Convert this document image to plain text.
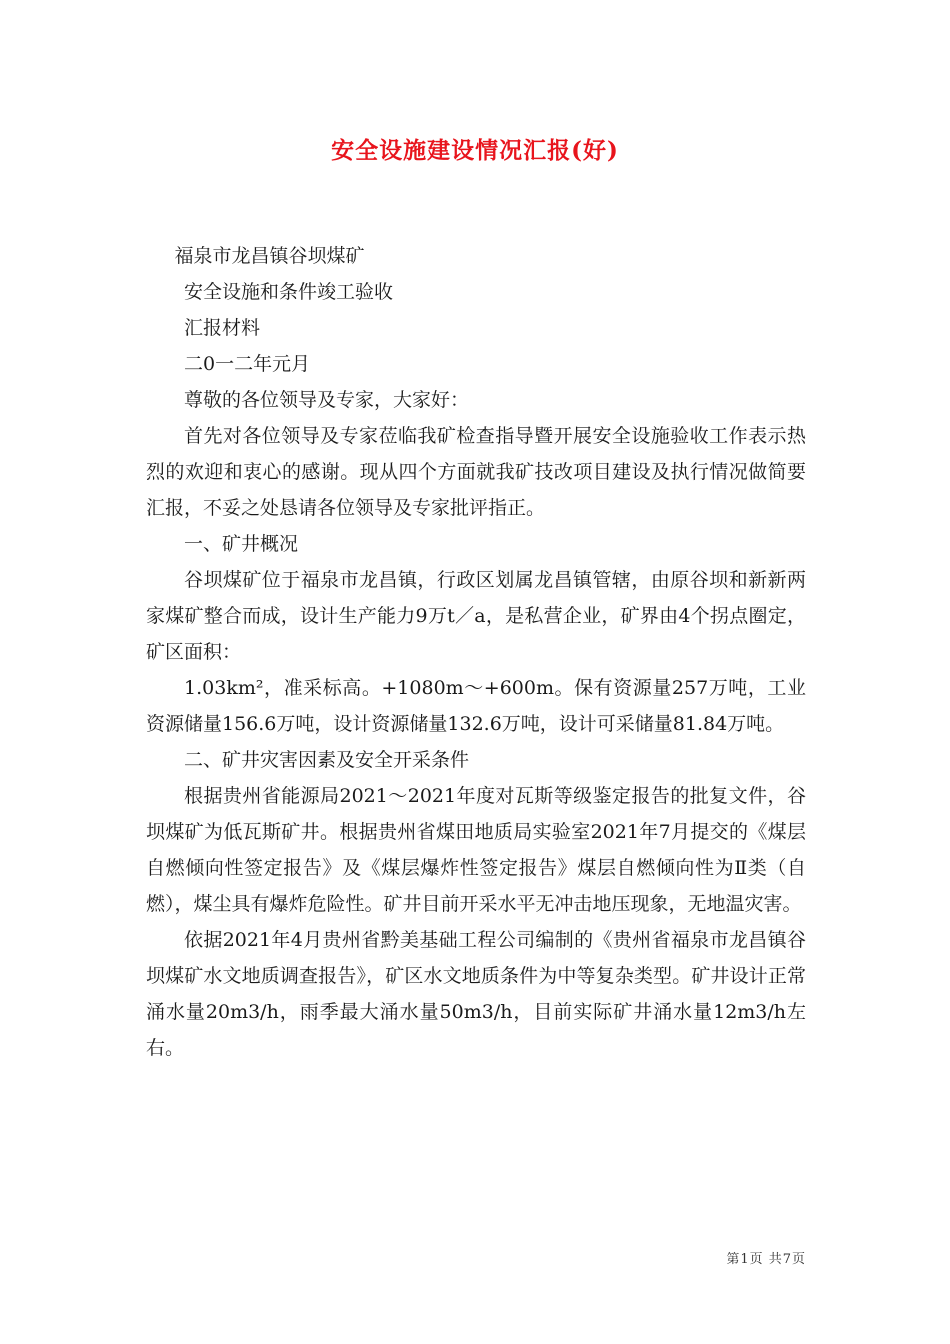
安全设施建设情况汇报(好)

福泉市龙昌镇谷坝煤矿

安全设施和条件竣工验收

汇报材料

二0一二年元月

尊敬的各位领导及专家，大家好：

首先对各位领导及专家莅临我矿检查指导暨开展安全设施验收工作表示热烈的欢迎和衷心的感谢。现从四个方面就我矿技改项目建设及执行情况做简要汇报，不妥之处恳请各位领导及专家批评指正。

一、矿井概况

谷坝煤矿位于福泉市龙昌镇，行政区划属龙昌镇管辖，由原谷坝和新新两家煤矿整合而成，设计生产能力9万t／a，是私营企业，矿界由4个拐点圈定，矿区面积：

1.03km²，准采标高。+1080m～+600m。保有资源量257万吨，工业资源储量156.6万吨，设计资源储量132.6万吨，设计可采储量81.84万吨。

二、矿井灾害因素及安全开采条件

根据贵州省能源局2021～2021年度对瓦斯等级鉴定报告的批复文件，谷坝煤矿为低瓦斯矿井。根据贵州省煤田地质局实验室2021年7月提交的《煤层自燃倾向性签定报告》及《煤层爆炸性签定报告》煤层自燃倾向性为Ⅱ类（自燃），煤尘具有爆炸危险性。矿井目前开采水平无冲击地压现象，无地温灾害。

依据2021年4月贵州省黔美基础工程公司编制的《贵州省福泉市龙昌镇谷坝煤矿水文地质调查报告》，矿区水文地质条件为中等复杂类型。矿井设计正常涌水量20m3/h，雨季最大涌水量50m3/h，目前实际矿井涌水量12m3/h左右。

第1页 共7页
